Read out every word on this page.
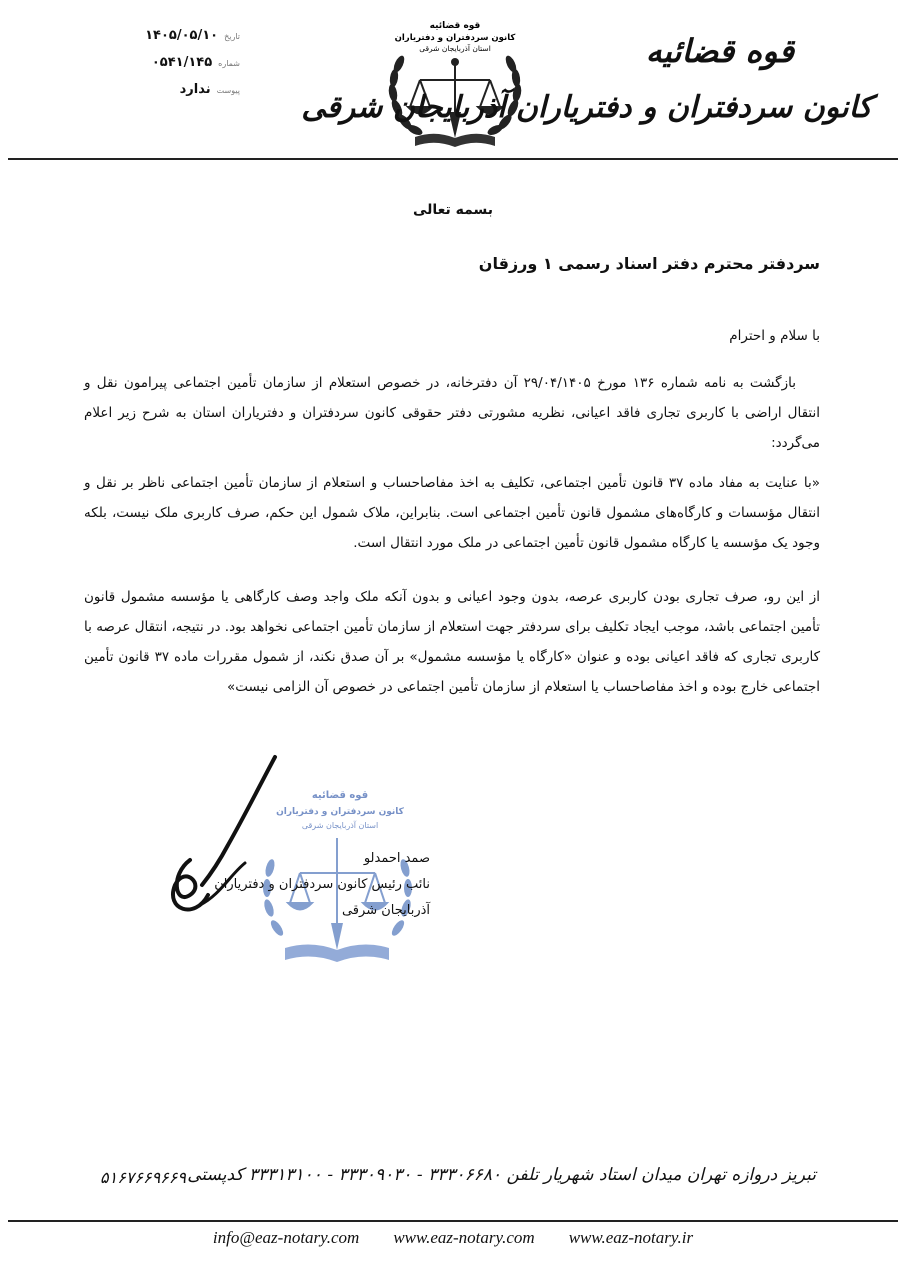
تاریخ
۱۴۰۵/۰۵/۱۰
شماره
۰۵۴۱/۱۴۵
پیوست
ندارد
قوه قضائیه
کانون سردفتران و دفتریاران
استان آذربایجان شرقی	قوه قضائیه
کانون سردفتران و دفتریاران آذربایجان شرقی
بسمه تعالی
سردفتر محترم دفتر اسناد رسمی ۱ ورزقان
با سلام و احترام
بازگشت به نامه شماره ۱۳۶ مورخ ۲۹/۰۴/۱۴۰۵ آن دفترخانه، در خصوص استعلام از سازمان تأمین اجتماعی پیرامون نقل و انتقال اراضی با کاربری تجاری فاقد اعیانی، نظریه مشورتی دفتر حقوقی کانون سردفتران و دفتریاران استان به شرح زیر اعلام می‌گردد:
«با عنایت به مفاد ماده ۳۷ قانون تأمین اجتماعی، تکلیف به اخذ مفاصاحساب و استعلام از سازمان تأمین اجتماعی ناظر بر نقل و انتقال مؤسسات و کارگاه‌های مشمول قانون تأمین اجتماعی است. بنابراین، ملاک شمول این حکم، صرف کاربری ملک نیست، بلکه وجود یک مؤسسه یا کارگاه مشمول قانون تأمین اجتماعی در ملک مورد انتقال است.
از این رو، صرف تجاری بودن کاربری عرصه، بدون وجود اعیانی و بدون آنکه ملک واجد وصف کارگاهی یا مؤسسه مشمول قانون تأمین اجتماعی باشد، موجب ایجاد تکلیف برای سردفتر جهت استعلام از سازمان تأمین اجتماعی نخواهد بود. در نتیجه، انتقال عرصه با کاربری تجاری که فاقد اعیانی بوده و عنوان «کارگاه یا مؤسسه مشمول» بر آن صدق نکند، از شمول مقررات ماده ۳۷ قانون تأمین اجتماعی خارج بوده و اخذ مفاصاحساب یا استعلام از سازمان تأمین اجتماعی در خصوص آن الزامی نیست»
قوه قضائیه
کانون سردفتران و دفتریاران
استان آذربایجان شرقی
صمد احمدلو
نائب رئیس کانون سردفتران و دفتریاران
آذربایجان شرقی
تبریز دروازه تهران میدان استاد شهریار تلفن ۳۳۳۰۶۶۸۰ - ۳۳۳۰۹۰۳۰ - ۳۳۳۱۳۱۰۰ کدپستی
۵۱۶۷۶۶۹۶۶۹
info@eaz-notary.com www.eaz-notary.com www.eaz-notary.ir
